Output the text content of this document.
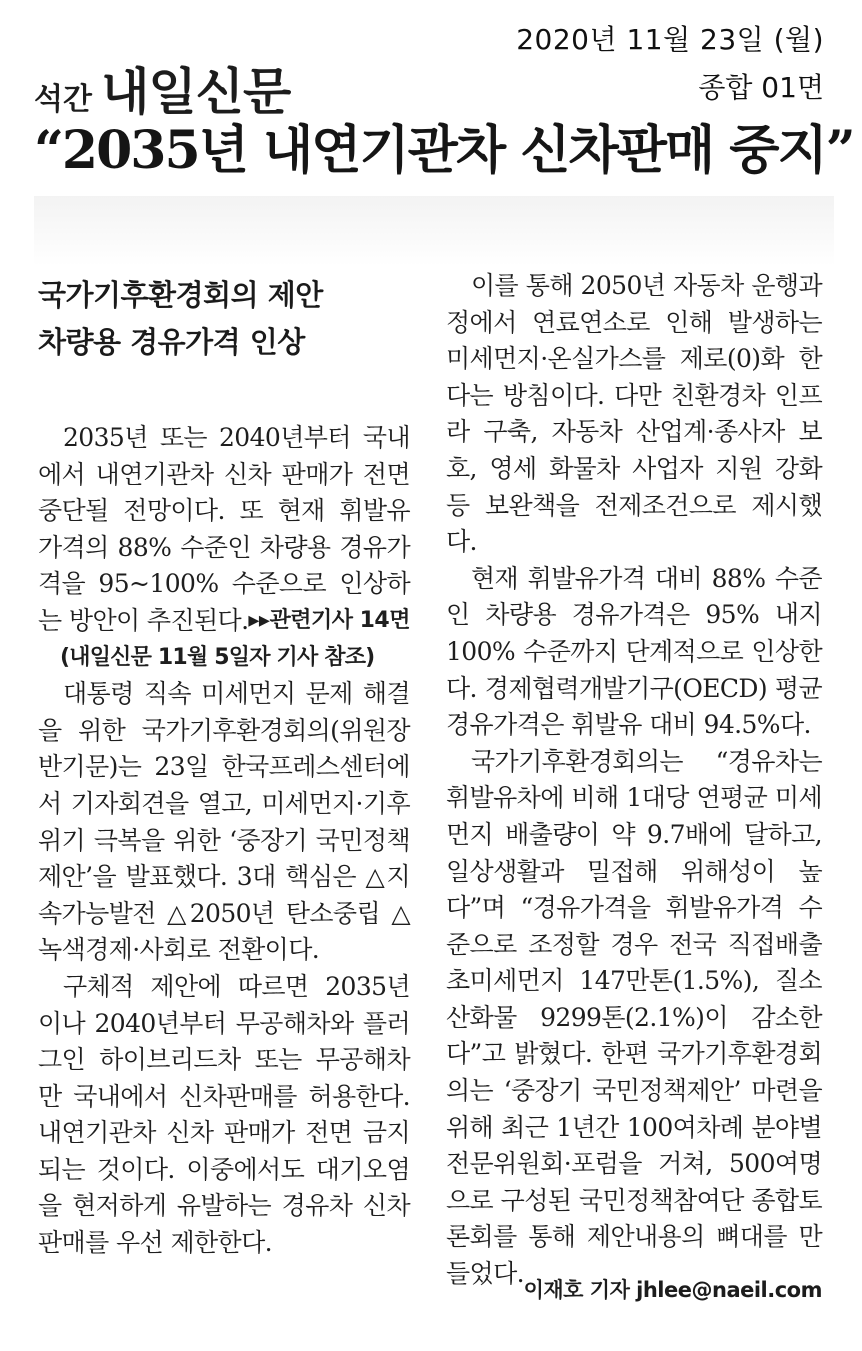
2020년 11월 23일 (월)
종합 01면
석간 내일신문
“2035년 내연기관차 신차판매 중지”
국가기후환경회의 제안
차량용 경유가격 인상

2035년 또는 2040년부터 국내에서 내연기관차 신차 판매가 전면 중단될 전망이다. 또 현재 휘발유 가격의 88% 수준인 차량용 경유가격을 95~100% 수준으로 인상하는 방안이 추진된다. ▸▸관련기사 14면
(내일신문 11월 5일자 기사 참조)

대통령 직속 미세먼지 문제 해결을 위한 국가기후환경회의(위원장 반기문)는 23일 한국프레스센터에서 기자회견을 열고, 미세먼지·기후위기 극복을 위한 ‘중장기 국민정책제안’을 발표했다. 3대 핵심은 △지속가능발전 △2050년 탄소중립 △녹색경제·사회로 전환이다.

구체적 제안에 따르면 2035년 이나 2040년부터 무공해차와 플러그인 하이브리드차 또는 무공해차만 국내에서 신차판매를 허용한다. 내연기관차 신차 판매가 전면 금지되는 것이다. 이중에서도 대기오염을 현저하게 유발하는 경유차 신차 판매를 우선 제한한다.

이를 통해 2050년 자동차 운행과정에서 연료연소로 인해 발생하는 미세먼지·온실가스를 제로(0)화 한다는 방침이다. 다만 친환경차 인프라 구축, 자동차 산업계·종사자 보호, 영세 화물차 사업자 지원 강화 등 보완책을 전제조건으로 제시했다.

현재 휘발유가격 대비 88% 수준인 차량용 경유가격은 95% 내지 100% 수준까지 단계적으로 인상한다. 경제협력개발기구(OECD) 평균 경유가격은 휘발유 대비 94.5%다.

국가기후환경회의는 “경유차는 휘발유차에 비해 1대당 연평균 미세먼지 배출량이 약 9.7배에 달하고, 일상생활과 밀접해 위해성이 높다”며 “경유가격을 휘발유가격 수준으로 조정할 경우 전국 직접배출 초미세먼지 147만톤(1.5%), 질소산화물 9299톤(2.1%)이 감소한다”고 밝혔다. 한편 국가기후환경회의는 ‘중장기 국민정책제안’ 마련을 위해 최근 1년간 100여차례 분야별 전문위원회·포럼을 거쳐, 500여명으로 구성된 국민정책참여단 종합토론회를 통해 제안내용의 뼈대를 만들었다.

이재호 기자 jhlee@naeil.com
